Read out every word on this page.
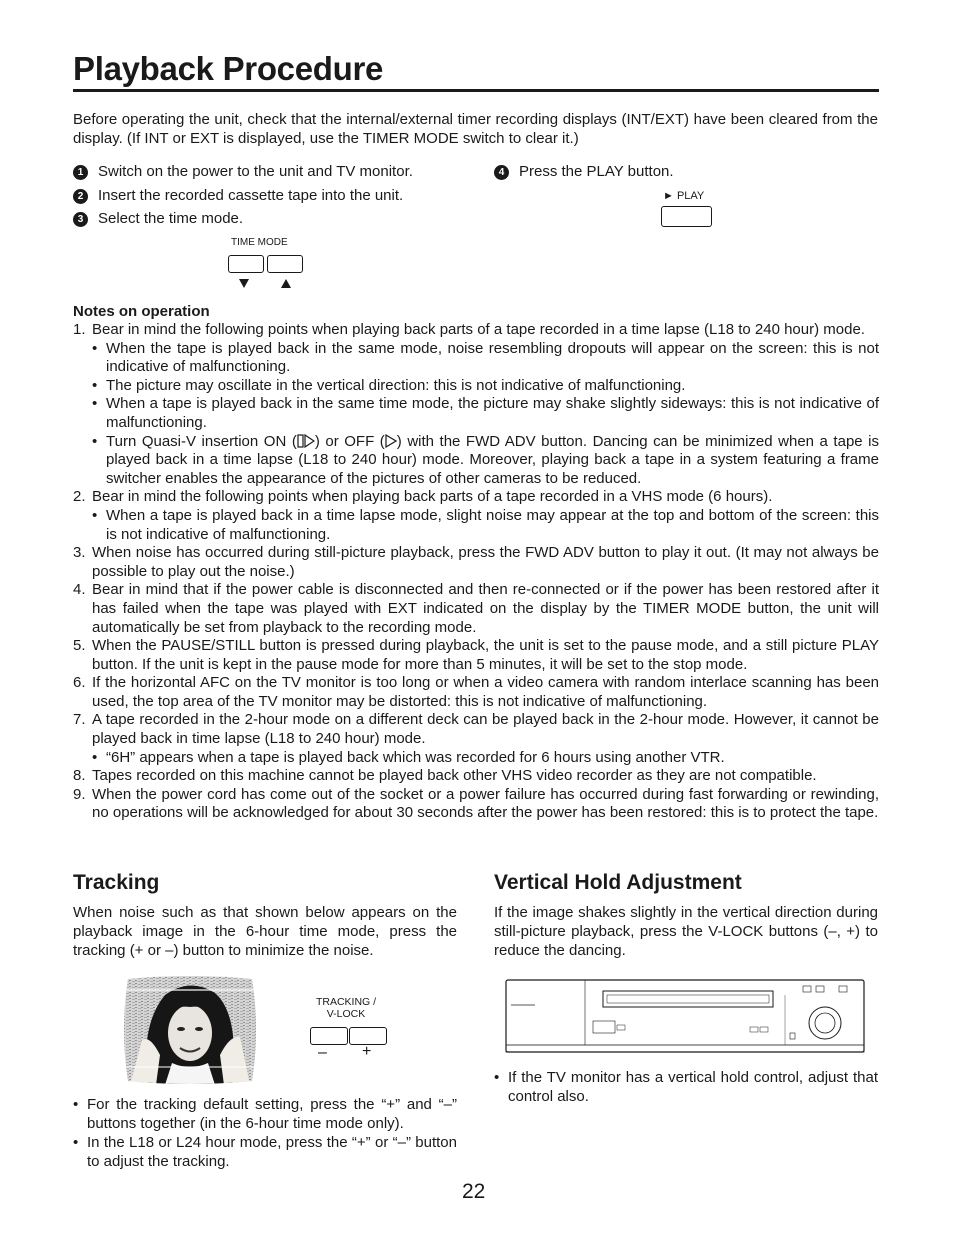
Playback Procedure

Before operating the unit, check that the internal/external timer recording displays (INT/EXT) have been cleared from the display. (If INT or EXT is displayed, use the TIMER MODE switch to clear it.)

1 Switch on the power to the unit and TV monitor.
2 Insert the recorded cassette tape into the unit.
3 Select the time mode.
TIME MODE
4 Press the PLAY button.
► PLAY
Notes on operation
1. Bear in mind the following points when playing back parts of a tape recorded in a time lapse (L18 to 240 hour) mode.
• When the tape is played back in the same mode, noise resembling dropouts will appear on the screen: this is not indicative of malfunctioning.
• The picture may oscillate in the vertical direction: this is not indicative of malfunctioning.
• When a tape is played back in the same time mode, the picture may shake slightly sideways: this is not indicative of malfunctioning.
• Turn Quasi-V insertion ON ( ) or OFF ( ) with the FWD ADV button. Dancing can be minimized when a tape is played back in a time lapse (L18 to 240 hour) mode. Moreover, playing back a tape in a system featuring a frame switcher enables the appearance of the pictures of other cameras to be reduced.
2. Bear in mind the following points when playing back parts of a tape recorded in a VHS mode (6 hours).
• When a tape is played back in a time lapse mode, slight noise may appear at the top and bottom of the screen: this is not indicative of malfunctioning.
3. When noise has occurred during still-picture playback, press the FWD ADV button to play it out. (It may not always be possible to play out the noise.)
4. Bear in mind that if the power cable is disconnected and then re-connected or if the power has been restored after it has failed when the tape was played with EXT indicated on the display by the TIMER MODE button, the unit will automatically be set from playback to the recording mode.
5. When the PAUSE/STILL button is pressed during playback, the unit is set to the pause mode, and a still picture PLAY button. If the unit is kept in the pause mode for more than 5 minutes, it will be set to the stop mode.
6. If the horizontal AFC on the TV monitor is too long or when a video camera with random interlace scanning has been used, the top area of the TV monitor may be distorted: this is not indicative of malfunctioning.
7. A tape recorded in the 2-hour mode on a different deck can be played back in the 2-hour mode. However, it cannot be played back in time lapse (L18 to 240 hour) mode.
• “6H” appears when a tape is played back which was recorded for 6 hours using another VTR.
8. Tapes recorded on this machine cannot be played back other VHS video recorder as they are not compatible.
9. When the power cord has come out of the socket or a power failure has occurred during fast forwarding or rewinding, no operations will be acknowledged for about 30 seconds after the power has been restored: this is to protect the tape.
Tracking

When noise such as that shown below appears on the playback image in the 6-hour time mode, press the tracking (+ or –) button to minimize the noise.

TRACKING /
V-LOCK
– +
• For the tracking default setting, press the “+” and “–” buttons together (in the 6-hour time mode only).
• In the L18 or L24 hour mode, press the “+” or “–” button to adjust the tracking.
Vertical Hold Adjustment

If the image shakes slightly in the vertical direction during still-picture playback, press the V-LOCK buttons (–, +) to reduce the dancing.

• If the TV monitor has a vertical hold control, adjust that control also.
22
